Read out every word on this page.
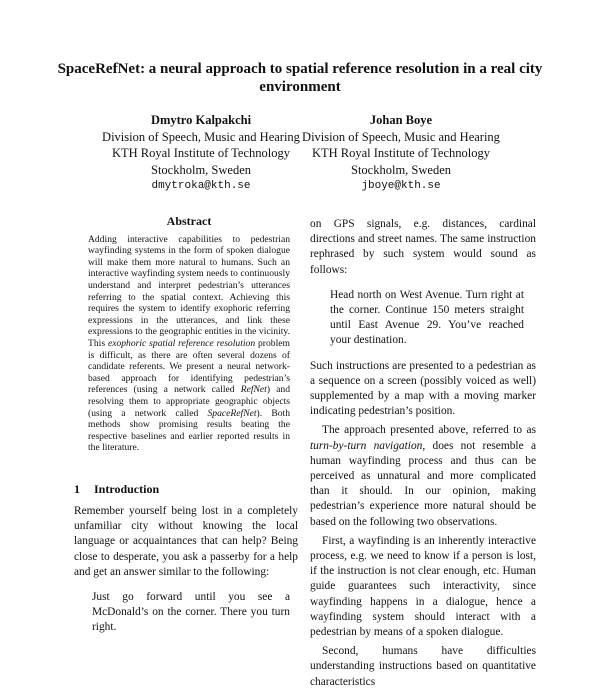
SpaceRefNet: a neural approach to spatial reference resolution in a real city environment
Dmytro Kalpakchi
Division of Speech, Music and Hearing
KTH Royal Institute of Technology
Stockholm, Sweden
dmytroka@kth.se
Johan Boye
Division of Speech, Music and Hearing
KTH Royal Institute of Technology
Stockholm, Sweden
jboye@kth.se
Abstract

Adding interactive capabilities to pedestrian wayfinding systems in the form of spoken dialogue will make them more natural to humans. Such an interactive wayfinding system needs to continuously understand and interpret pedestrian’s utterances referring to the spatial context. Achieving this requires the system to identify exophoric referring expressions in the utterances, and link these expressions to the geographic entities in the vicinity. This exophoric spatial reference resolution problem is difficult, as there are often several dozens of candidate referents. We present a neural network-based approach for identifying pedestrian’s references (using a network called RefNet) and resolving them to appropriate geographic objects (using a network called SpaceRefNet). Both methods show promising results beating the respective baselines and earlier reported results in the literature.

1 Introduction

Remember yourself being lost in a completely unfamiliar city without knowing the local language or acquaintances that can help? Being close to desperate, you ask a passerby for a help and get an answer similar to the following:

Just go forward until you see a McDonald’s on the corner. There you turn right.

on GPS signals, e.g. distances, cardinal directions and street names. The same instruction rephrased by such system would sound as follows:

Head north on West Avenue. Turn right at the corner. Continue 150 meters straight until East Avenue 29. You’ve reached your destination.

Such instructions are presented to a pedestrian as a sequence on a screen (possibly voiced as well) supplemented by a map with a moving marker indicating pedestrian’s position.

The approach presented above, referred to as turn-by-turn navigation, does not resemble a human wayfinding process and thus can be perceived as unnatural and more complicated than it should. In our opinion, making pedestrian’s experience more natural should be based on the following two observations.

First, a wayfinding is an inherently interactive process, e.g. we need to know if a person is lost, if the instruction is not clear enough, etc. Human guide guarantees such interactivity, since wayfinding happens in a dialogue, hence a wayfinding system should interact with a pedestrian by means of a spoken dialogue.

Second, humans have difficulties understanding instructions based on quantitative characteristics
